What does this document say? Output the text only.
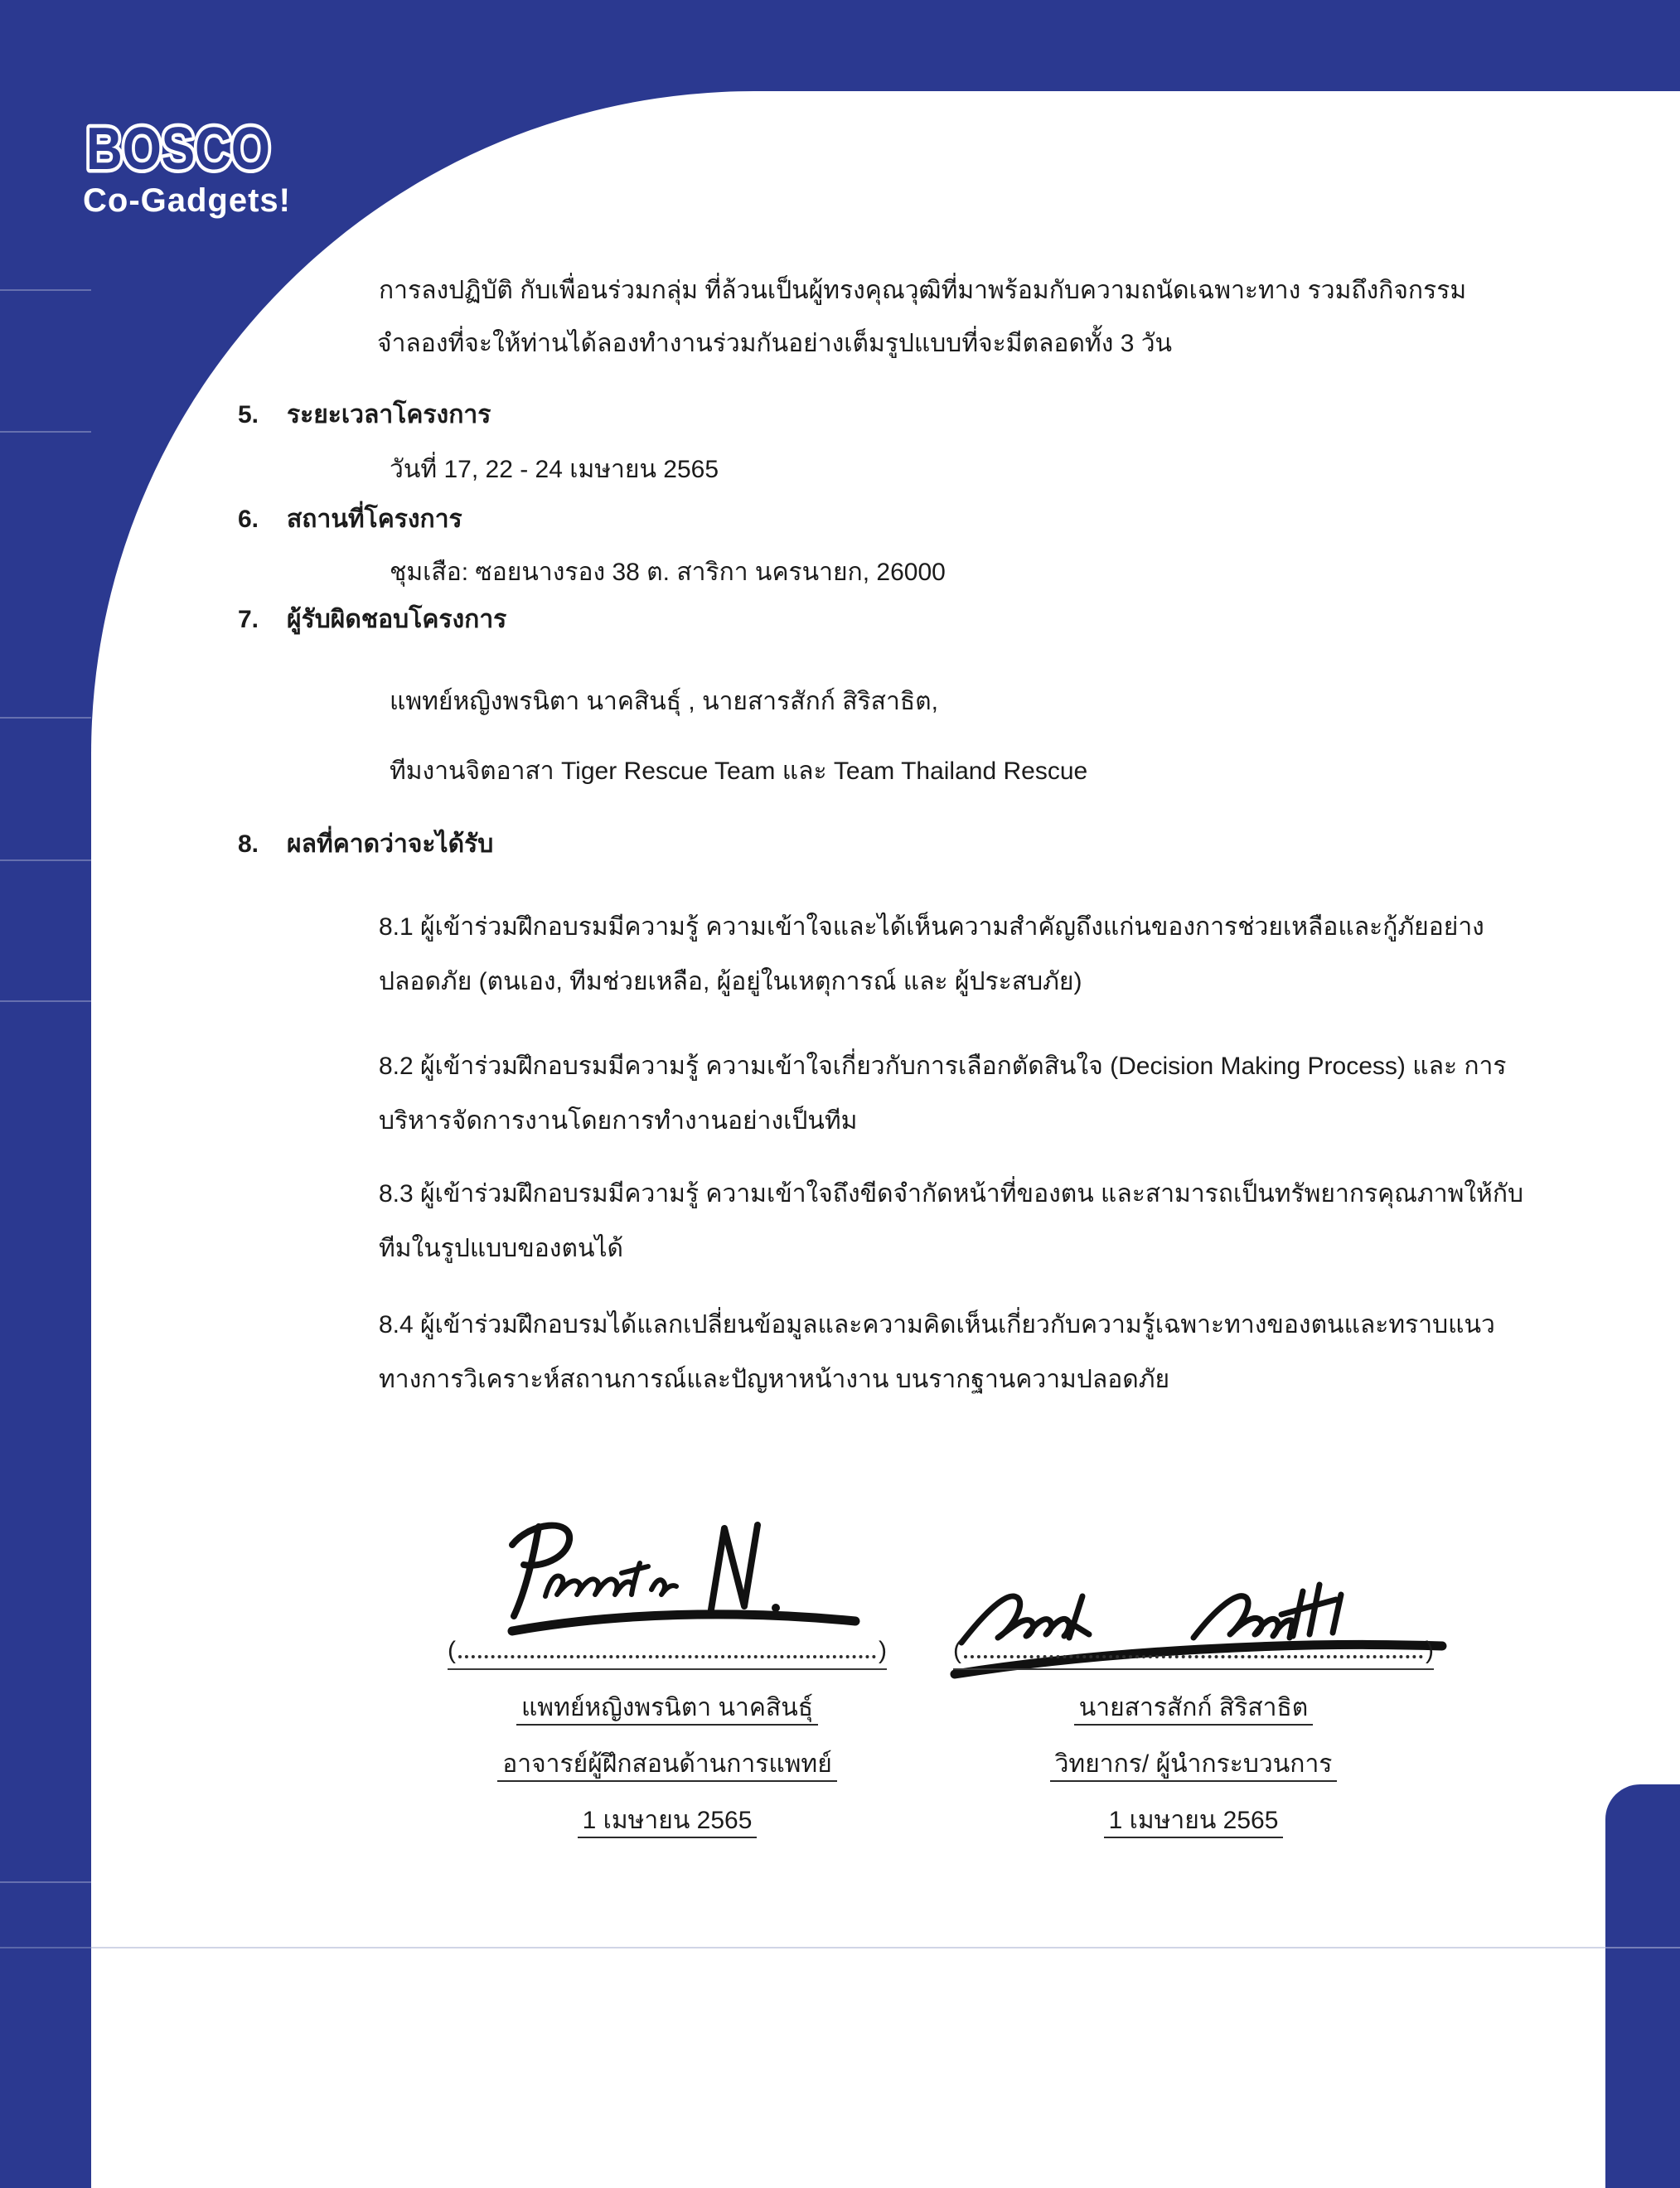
BOSCO
Co-Gadgets!
การลงปฏิบัติ กับเพื่อนร่วมกลุ่ม ที่ล้วนเป็นผู้ทรงคุณวุฒิที่มาพร้อมกับความถนัดเฉพาะทาง รวมถึงกิจกรรม
จำลองที่จะให้ท่านได้ลองทำงานร่วมกันอย่างเต็มรูปแบบที่จะมีตลอดทั้ง 3 วัน
5. ระยะเวลาโครงการ
วันที่ 17, 22 - 24 เมษายน 2565
6. สถานที่โครงการ
ชุมเสือ: ซอยนางรอง 38 ต. สาริกา นครนายก, 26000
7. ผู้รับผิดชอบโครงการ
แพทย์หญิงพรนิตา นาคสินธุ์ , นายสารสักก์ สิริสาธิต,
ทีมงานจิตอาสา Tiger Rescue Team และ Team Thailand Rescue
8. ผลที่คาดว่าจะได้รับ
8.1 ผู้เข้าร่วมฝึกอบรมมีความรู้ ความเข้าใจและได้เห็นความสำคัญถึงแก่นของการช่วยเหลือและกู้ภัยอย่าง
ปลอดภัย (ตนเอง, ทีมช่วยเหลือ, ผู้อยู่ในเหตุการณ์ และ ผู้ประสบภัย)
8.2 ผู้เข้าร่วมฝึกอบรมมีความรู้ ความเข้าใจเกี่ยวกับการเลือกตัดสินใจ (Decision Making Process) และ การ
บริหารจัดการงานโดยการทำงานอย่างเป็นทีม
8.3 ผู้เข้าร่วมฝึกอบรมมีความรู้ ความเข้าใจถึงขีดจำกัดหน้าที่ของตน และสามารถเป็นทรัพยากรคุณภาพให้กับ
ทีมในรูปแบบของตนได้
8.4 ผู้เข้าร่วมฝึกอบรมได้แลกเปลี่ยนข้อมูลและความคิดเห็นเกี่ยวกับความรู้เฉพาะทางของตนและทราบแนว
ทางการวิเคราะห์สถานการณ์และปัญหาหน้างาน บนรากฐานความปลอดภัย
(	)
แพทย์หญิงพรนิตา นาคสินธุ์
อาจารย์ผู้ฝึกสอนด้านการแพทย์
1 เมษายน 2565
(	)
นายสารสักก์ สิริสาธิต
วิทยากร/ ผู้นำกระบวนการ
1 เมษายน 2565
